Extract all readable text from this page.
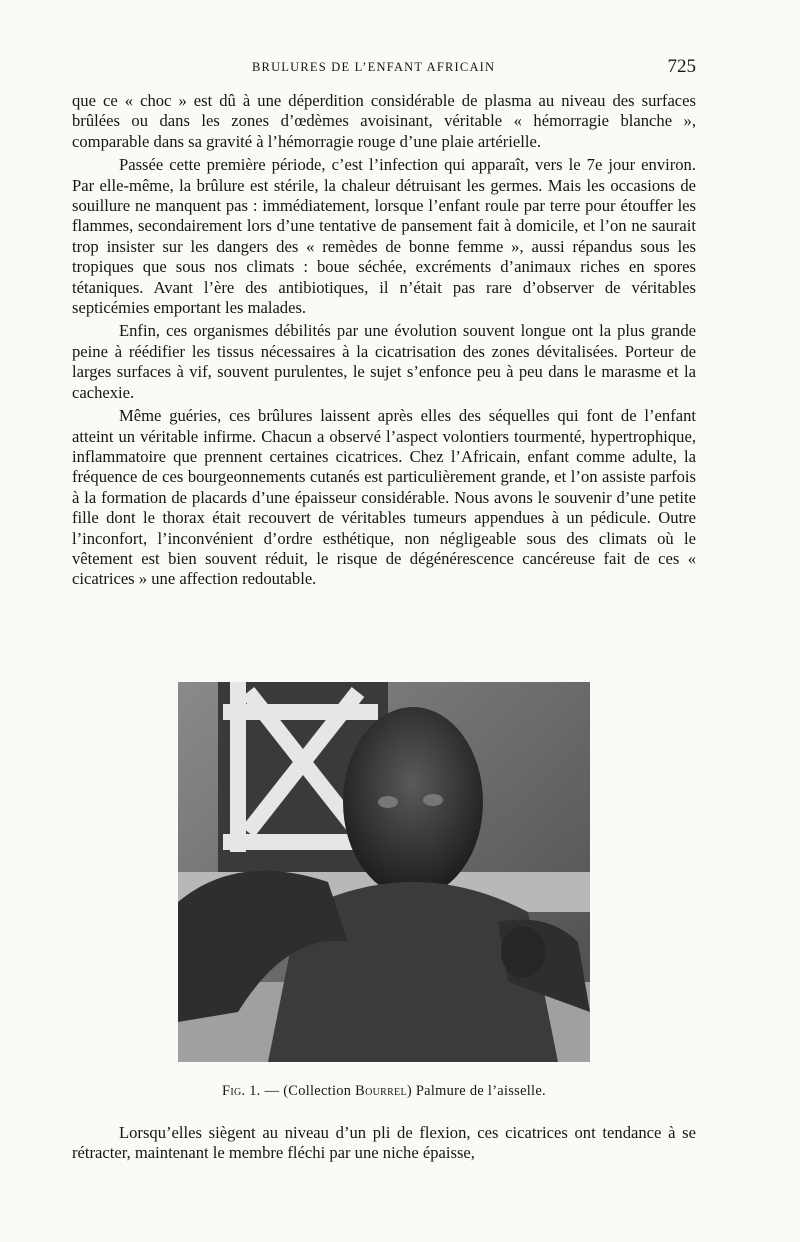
BRULURES DE L’ENFANT AFRICAIN	725

que ce « choc » est dû à une déperdition considérable de plasma au niveau des surfaces brûlées ou dans les zones d’œdèmes avoisinant, véritable « hémorragie blanche », comparable dans sa gravité à l’hémorragie rouge d’une plaie artérielle.

Passée cette première période, c’est l’infection qui apparaît, vers le 7e jour environ. Par elle-même, la brûlure est stérile, la chaleur détruisant les germes. Mais les occasions de souillure ne manquent pas : immédiatement, lorsque l’enfant roule par terre pour étouffer les flammes, secondairement lors d’une tentative de pansement fait à domicile, et l’on ne saurait trop insister sur les dangers des « remèdes de bonne femme », aussi répandus sous les tropiques que sous nos climats : boue séchée, excréments d’animaux riches en spores tétaniques. Avant l’ère des antibiotiques, il n’était pas rare d’observer de véritables septicémies emportant les malades.

Enfin, ces organismes débilités par une évolution souvent longue ont la plus grande peine à réédifier les tissus nécessaires à la cicatrisation des zones dévitalisées. Porteur de larges surfaces à vif, souvent purulentes, le sujet s’enfonce peu à peu dans le marasme et la cachexie.

Même guéries, ces brûlures laissent après elles des séquelles qui font de l’enfant atteint un véritable infirme. Chacun a observé l’aspect volontiers tourmenté, hypertrophique, inflammatoire que prennent certaines cicatrices. Chez l’Africain, enfant comme adulte, la fréquence de ces bourgeonnements cutanés est particulièrement grande, et l’on assiste parfois à la formation de placards d’une épaisseur considérable. Nous avons le souvenir d’une petite fille dont le thorax était recouvert de véritables tumeurs appendues à un pédicule. Outre l’inconfort, l’inconvénient d’ordre esthétique, non négligeable sous des climats où le vêtement est bien souvent réduit, le risque de dégénérescence cancéreuse fait de ces « cicatrices » une affection redoutable.

Fig. 1. — (Collection Bourrel) Palmure de l’aisselle.

Lorsqu’elles siègent au niveau d’un pli de flexion, ces cicatrices ont tendance à se rétracter, maintenant le membre fléchi par une niche épaisse,
